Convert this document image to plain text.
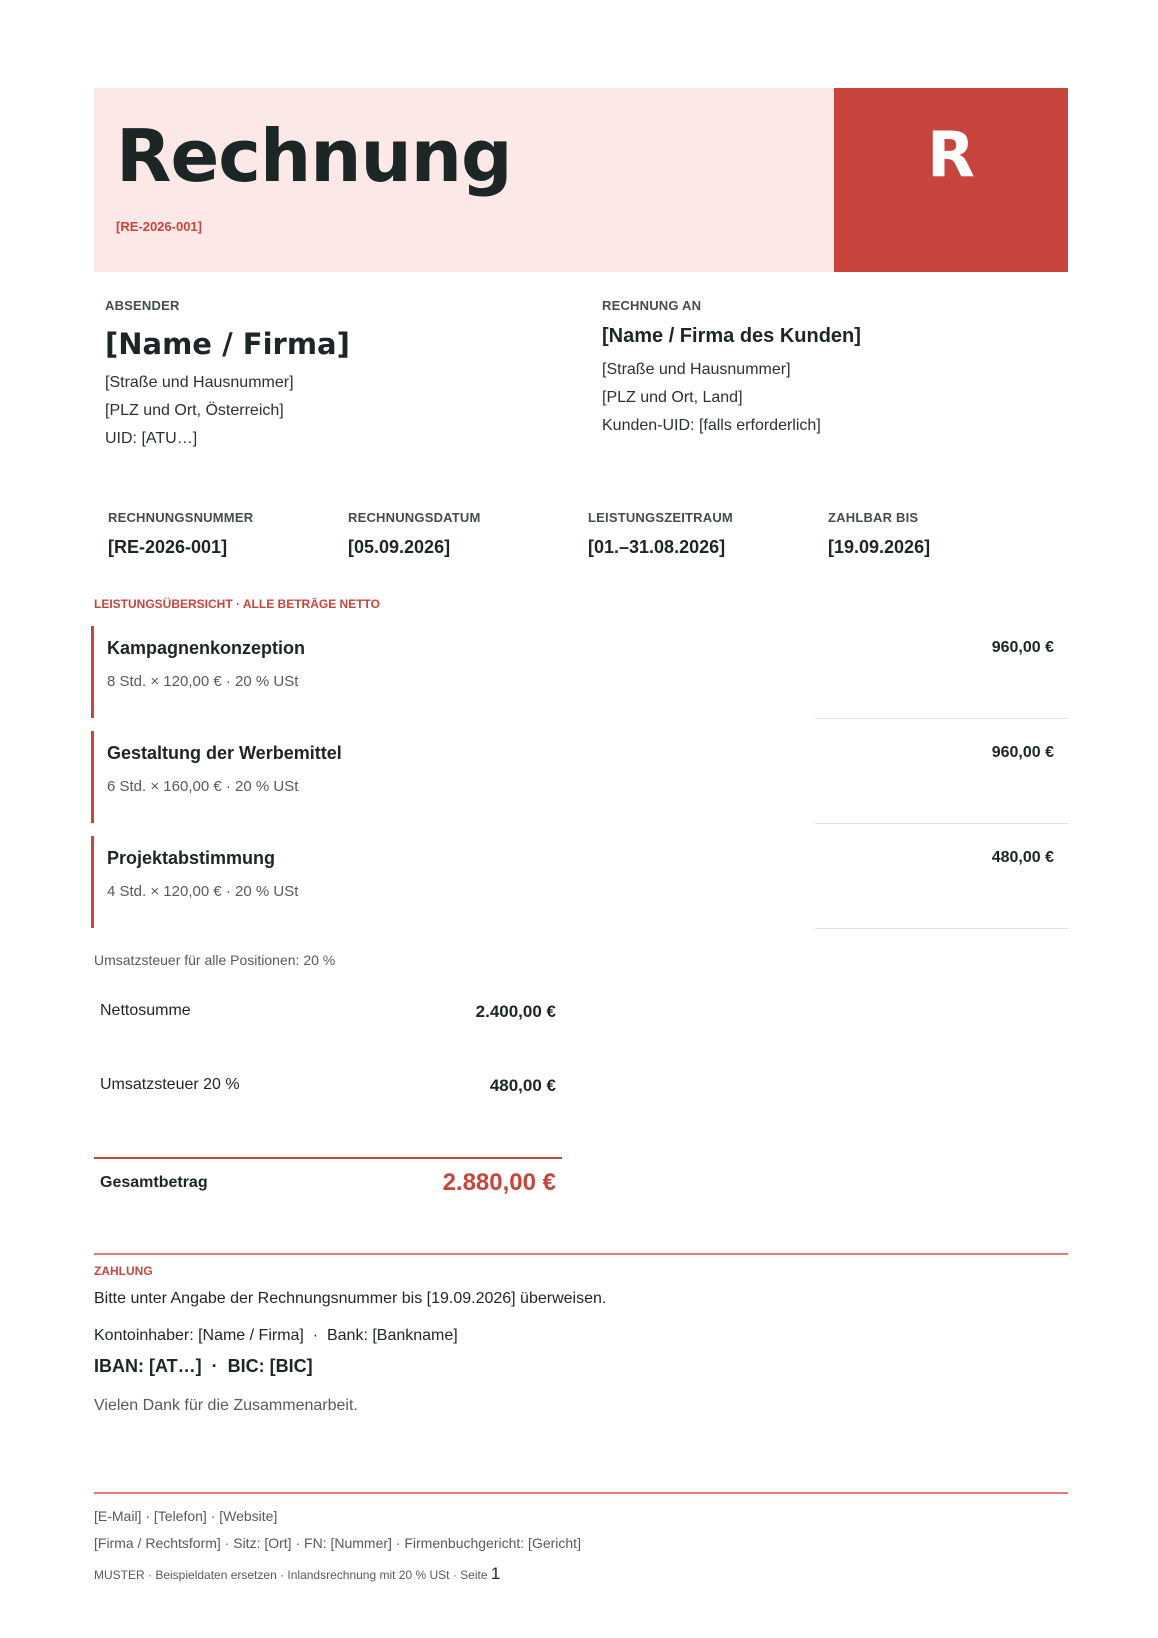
Rechnung
[RE-2026-001]
R
ABSENDER
[Name / Firma]
[Straße und Hausnummer]
[PLZ und Ort, Österreich]
UID: [ATU…]
RECHNUNG AN
[Name / Firma des Kunden]
[Straße und Hausnummer]
[PLZ und Ort, Land]
Kunden-UID: [falls erforderlich]
RECHNUNGSNUMMER
[RE-2026-001]
RECHNUNGSDATUM
[05.09.2026]
LEISTUNGSZEITRAUM
[01.–31.08.2026]
ZAHLBAR BIS
[19.09.2026]
LEISTUNGSÜBERSICHT · ALLE BETRÄGE NETTO
Kampagnenkonzeption
8 Std. × 120,00 € · 20 % USt
960,00 €
Gestaltung der Werbemittel
6 Std. × 160,00 € · 20 % USt
960,00 €
Projektabstimmung
4 Std. × 120,00 € · 20 % USt
480,00 €
Umsatzsteuer für alle Positionen: 20 %
Nettosumme	2.400,00 €
Umsatzsteuer 20 %	480,00 €
Gesamtbetrag	2.880,00 €
ZAHLUNG
Bitte unter Angabe der Rechnungsnummer bis [19.09.2026] überweisen.
Kontoinhaber: [Name / Firma]  ·  Bank: [Bankname]
IBAN: [AT…]  ·  BIC: [BIC]
Vielen Dank für die Zusammenarbeit.
[E-Mail] · [Telefon] · [Website]
[Firma / Rechtsform] · Sitz: [Ort] · FN: [Nummer] · Firmenbuchgericht: [Gericht]
MUSTER · Beispieldaten ersetzen · Inlandsrechnung mit 20 % USt · Seite 1
